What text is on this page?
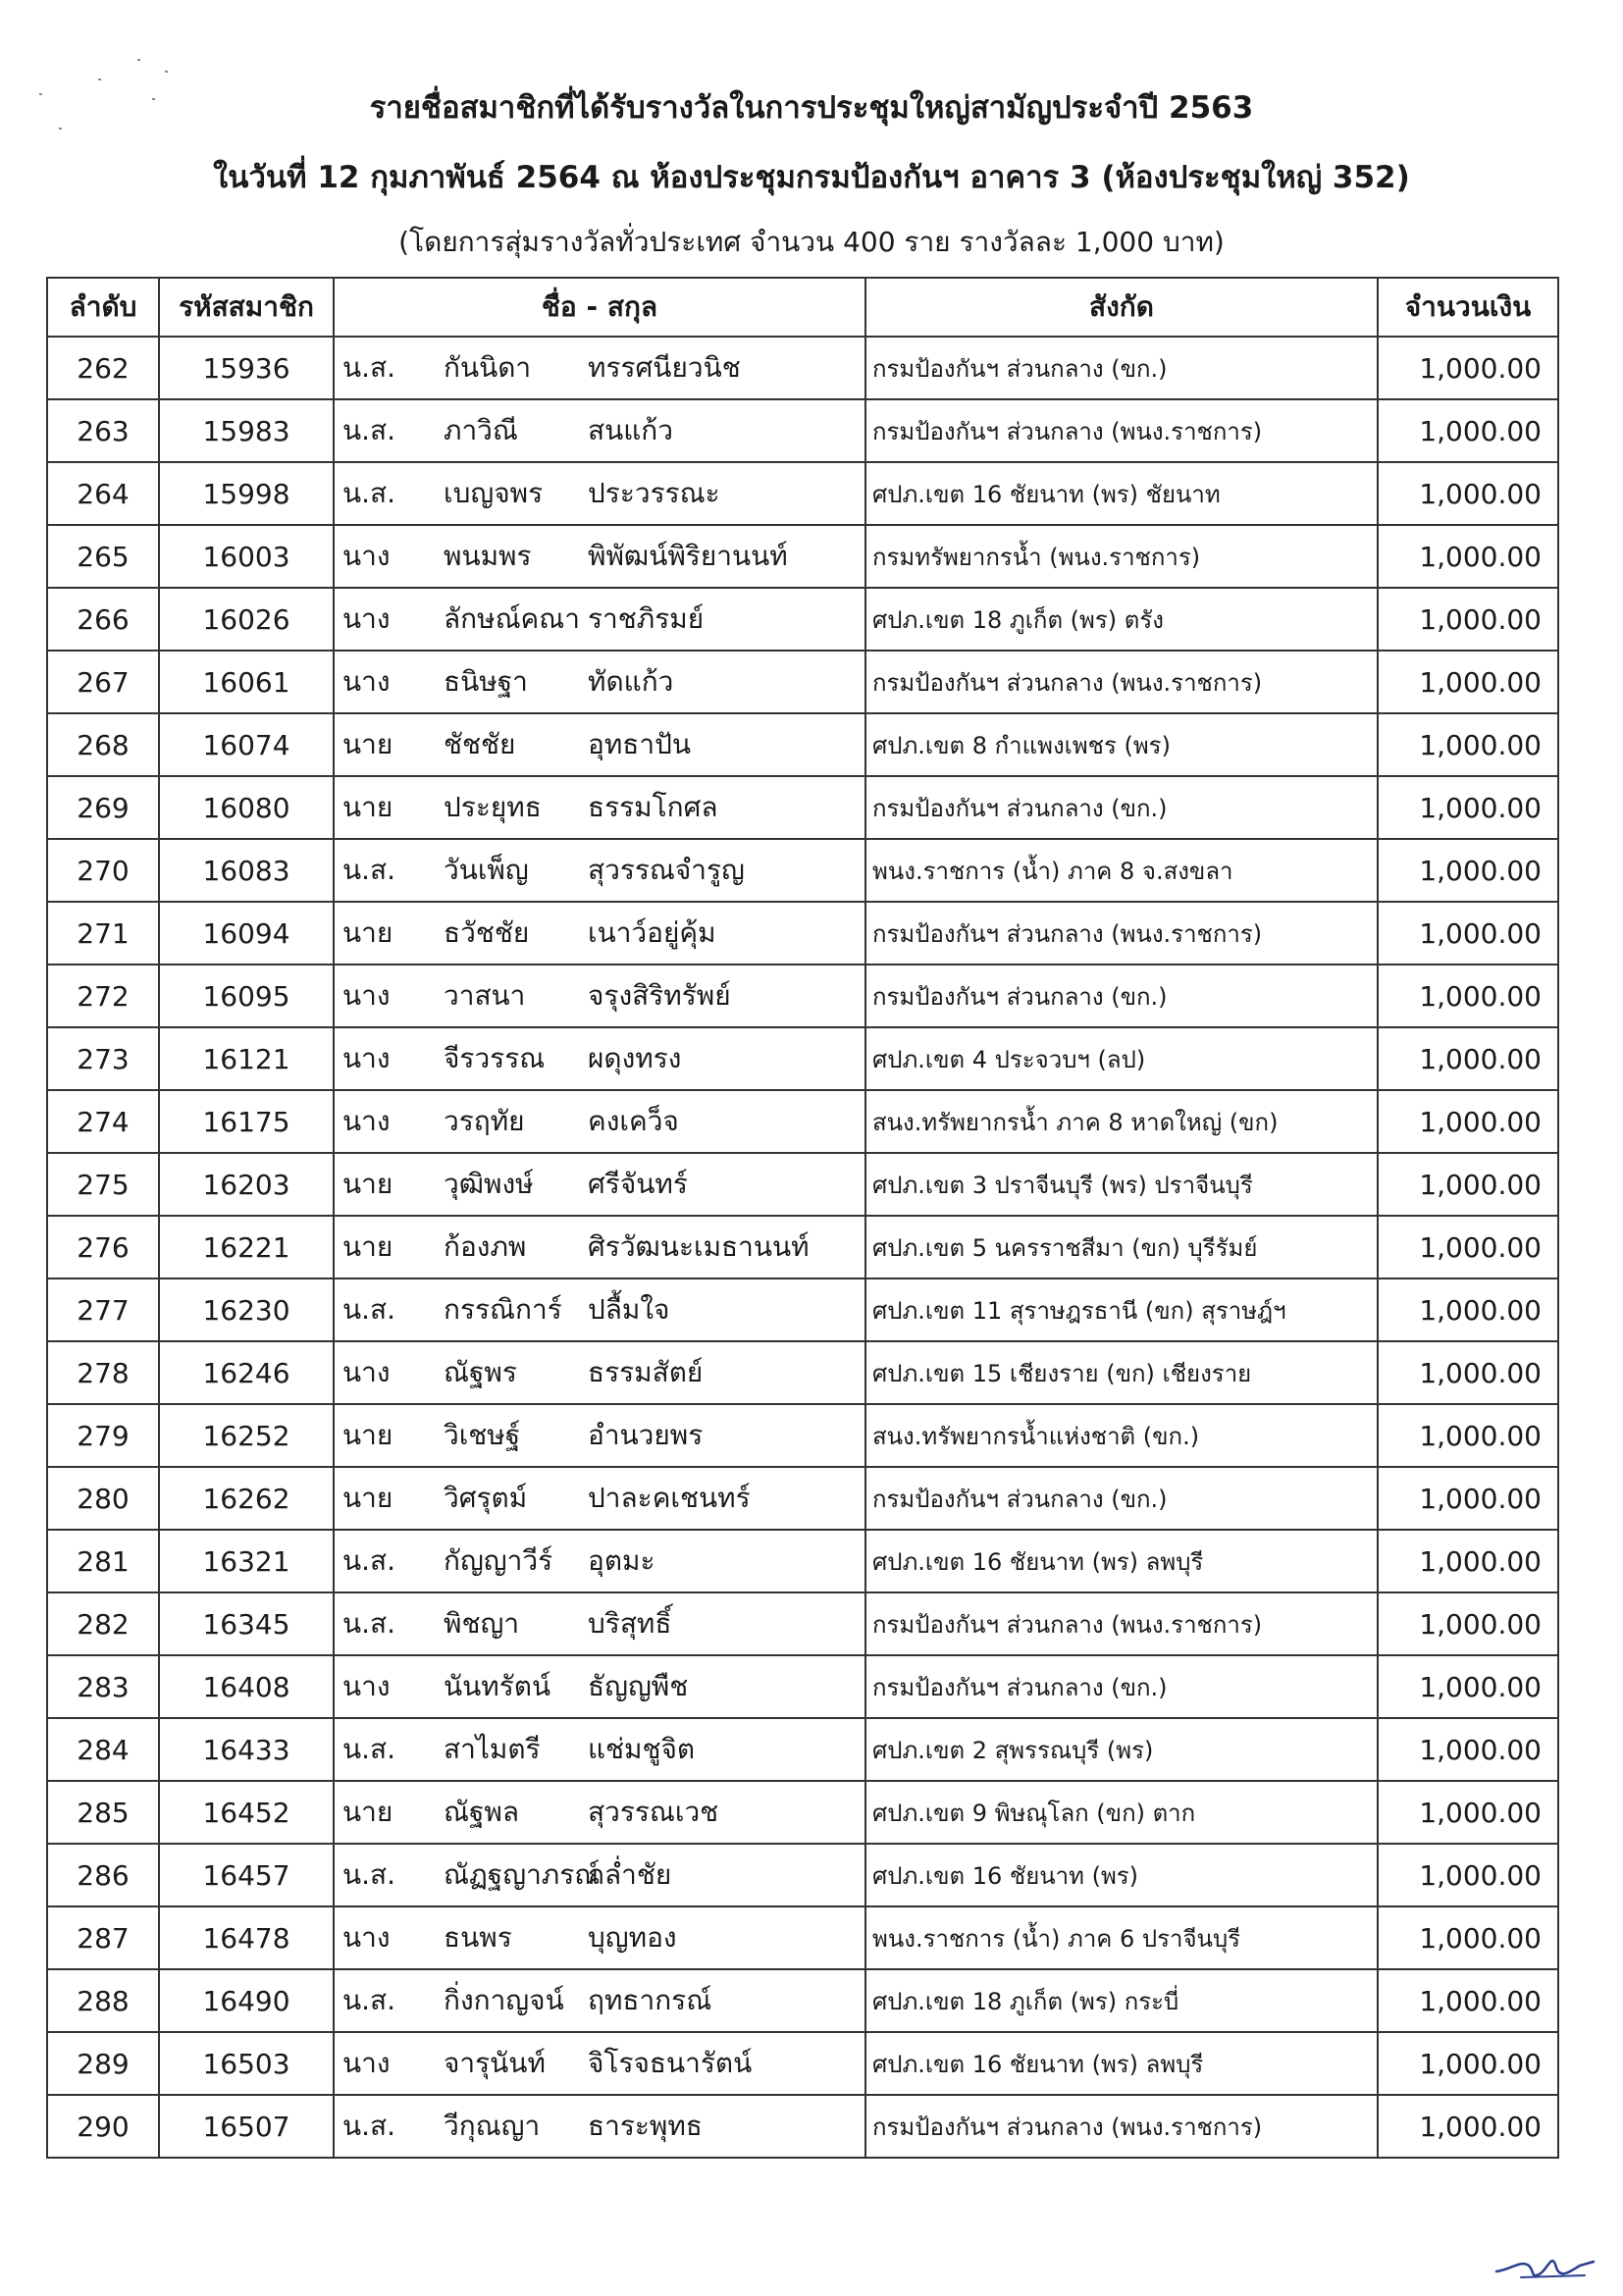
รายชื่อสมาชิกที่ได้รับรางวัลในการประชุมใหญ่สามัญประจำปี 2563
ในวันที่ 12 กุมภาพันธ์ 2564 ณ ห้องประชุมกรมป้องกันฯ อาคาร 3 (ห้องประชุมใหญ่ 352)
(โดยการสุ่มรางวัลทั่วประเทศ จำนวน 400 ราย รางวัลละ 1,000 บาท)
ลำดับ	รหัสสมาชิก	ชื่อ - สกุล	สังกัด	จำนวนเงิน
262	15936	น.ส. กันนิดา ทรรศนียวนิช	กรมป้องกันฯ ส่วนกลาง (ขก.)	1,000.00
263	15983	น.ส. ภาวิณี สนแก้ว	กรมป้องกันฯ ส่วนกลาง (พนง.ราชการ)	1,000.00
264	15998	น.ส. เบญจพร ประวรรณะ	ศปภ.เขต 16 ชัยนาท (พร) ชัยนาท	1,000.00
265	16003	นาง พนมพร พิพัฒน์พิริยานนท์	กรมทรัพยากรน้ำ (พนง.ราชการ)	1,000.00
266	16026	นาง ลักษณ์คณา ราชภิรมย์	ศปภ.เขต 18 ภูเก็ต (พร) ตรัง	1,000.00
267	16061	นาง ธนิษฐา ทัดแก้ว	กรมป้องกันฯ ส่วนกลาง (พนง.ราชการ)	1,000.00
268	16074	นาย ชัชชัย อุทธาปัน	ศปภ.เขต 8 กำแพงเพชร (พร)	1,000.00
269	16080	นาย ประยุทธ ธรรมโกศล	กรมป้องกันฯ ส่วนกลาง (ขก.)	1,000.00
270	16083	น.ส. วันเพ็ญ สุวรรณจำรูญ	พนง.ราชการ (น้ำ) ภาค 8 จ.สงขลา	1,000.00
271	16094	นาย ธวัชชัย เนาว์อยู่คุ้ม	กรมป้องกันฯ ส่วนกลาง (พนง.ราชการ)	1,000.00
272	16095	นาง วาสนา จรุงสิริทรัพย์	กรมป้องกันฯ ส่วนกลาง (ขก.)	1,000.00
273	16121	นาง จีรวรรณ ผดุงทรง	ศปภ.เขต 4 ประจวบฯ (ลป)	1,000.00
274	16175	นาง วรฤทัย คงเคว็จ	สนง.ทรัพยากรน้ำ ภาค 8 หาดใหญ่ (ขก)	1,000.00
275	16203	นาย วุฒิพงษ์ ศรีจันทร์	ศปภ.เขต 3 ปราจีนบุรี (พร) ปราจีนบุรี	1,000.00
276	16221	นาย ก้องภพ ศิรวัฒนะเมธานนท์	ศปภ.เขต 5 นครราชสีมา (ขก) บุรีรัมย์	1,000.00
277	16230	น.ส. กรรณิการ์ ปลื้มใจ	ศปภ.เขต 11 สุราษฎรธานี (ขก) สุราษฎ์ฯ	1,000.00
278	16246	นาง ณัฐพร ธรรมสัตย์	ศปภ.เขต 15 เชียงราย (ขก) เชียงราย	1,000.00
279	16252	นาย วิเชษฐ์ อำนวยพร	สนง.ทรัพยากรน้ำแห่งชาติ (ขก.)	1,000.00
280	16262	นาย วิศรุตม์ ปาละคเชนทร์	กรมป้องกันฯ ส่วนกลาง (ขก.)	1,000.00
281	16321	น.ส. กัญญาวีร์ อุตมะ	ศปภ.เขต 16 ชัยนาท (พร) ลพบุรี	1,000.00
282	16345	น.ส. พิชญา บริสุทธิ์	กรมป้องกันฯ ส่วนกลาง (พนง.ราชการ)	1,000.00
283	16408	นาง นันทรัตน์ ธัญญพืช	กรมป้องกันฯ ส่วนกลาง (ขก.)	1,000.00
284	16433	น.ส. สาไมตรี แช่มชูจิต	ศปภ.เขต 2 สุพรรณบุรี (พร)	1,000.00
285	16452	นาย ณัฐพล สุวรรณเวช	ศปภ.เขต 9 พิษณุโลก (ขก) ตาก	1,000.00
286	16457	น.ส. ณัฏฐญาภรณ์กล่ำชัย	ศปภ.เขต 16 ชัยนาท (พร)	1,000.00
287	16478	นาง ธนพร บุญทอง	พนง.ราชการ (น้ำ) ภาค 6 ปราจีนบุรี	1,000.00
288	16490	น.ส. กิ่งกาญจน์ ฤทธากรณ์	ศปภ.เขต 18 ภูเก็ต (พร) กระบี่	1,000.00
289	16503	นาง จารุนันท์ จิโรจธนารัตน์	ศปภ.เขต 16 ชัยนาท (พร) ลพบุรี	1,000.00
290	16507	น.ส. วีกุณญา ธาระพุทธ	กรมป้องกันฯ ส่วนกลาง (พนง.ราชการ)	1,000.00
